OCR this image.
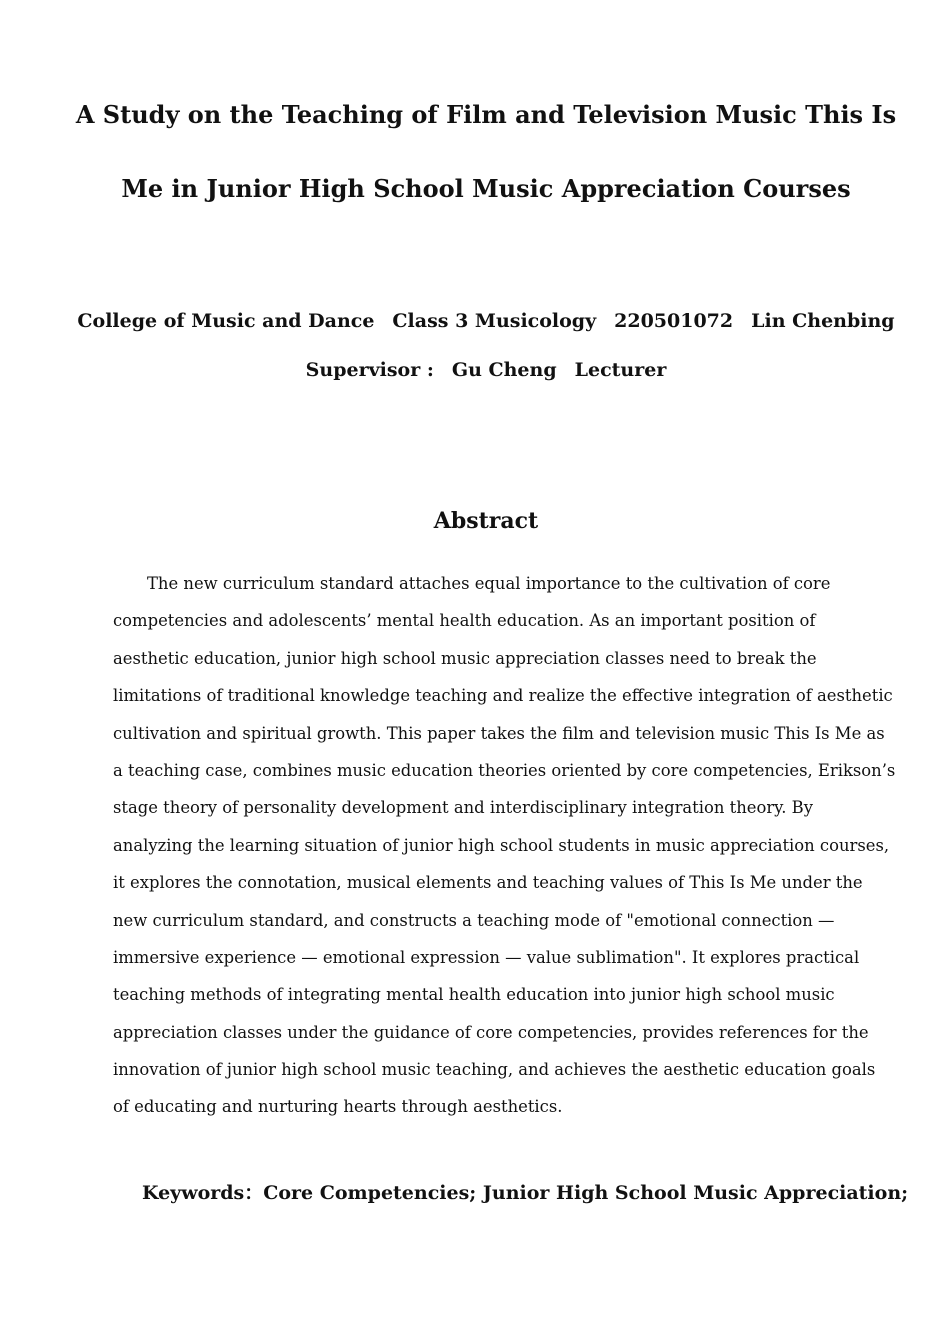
A Study on the Teaching of Film and Television Music This Is
Me in Junior High School Music Appreciation Courses
College of Music and Dance Class 3 Musicology 220501072 Lin Chenbing
Supervisor : Gu Cheng Lecturer
Abstract
The new curriculum standard attaches equal importance to the cultivation of core
competencies and adolescents’ mental health education. As an important position of
aesthetic education, junior high school music appreciation classes need to break the
limitations of traditional knowledge teaching and realize the effective integration of aesthetic
cultivation and spiritual growth. This paper takes the film and television music This Is Me as
a teaching case, combines music education theories oriented by core competencies, Erikson’s
stage theory of personality development and interdisciplinary integration theory. By
analyzing the learning situation of junior high school students in music appreciation courses,
it explores the connotation, musical elements and teaching values of This Is Me under the
new curriculum standard, and constructs a teaching mode of "emotional connection —
immersive experience — emotional expression — value sublimation". It explores practical
teaching methods of integrating mental health education into junior high school music
appreciation classes under the guidance of core competencies, provides references for the
innovation of junior high school music teaching, and achieves the aesthetic education goals
of educating and nurturing hearts through aesthetics.
Keywords：Core Competencies; Junior High School Music Appreciation;
